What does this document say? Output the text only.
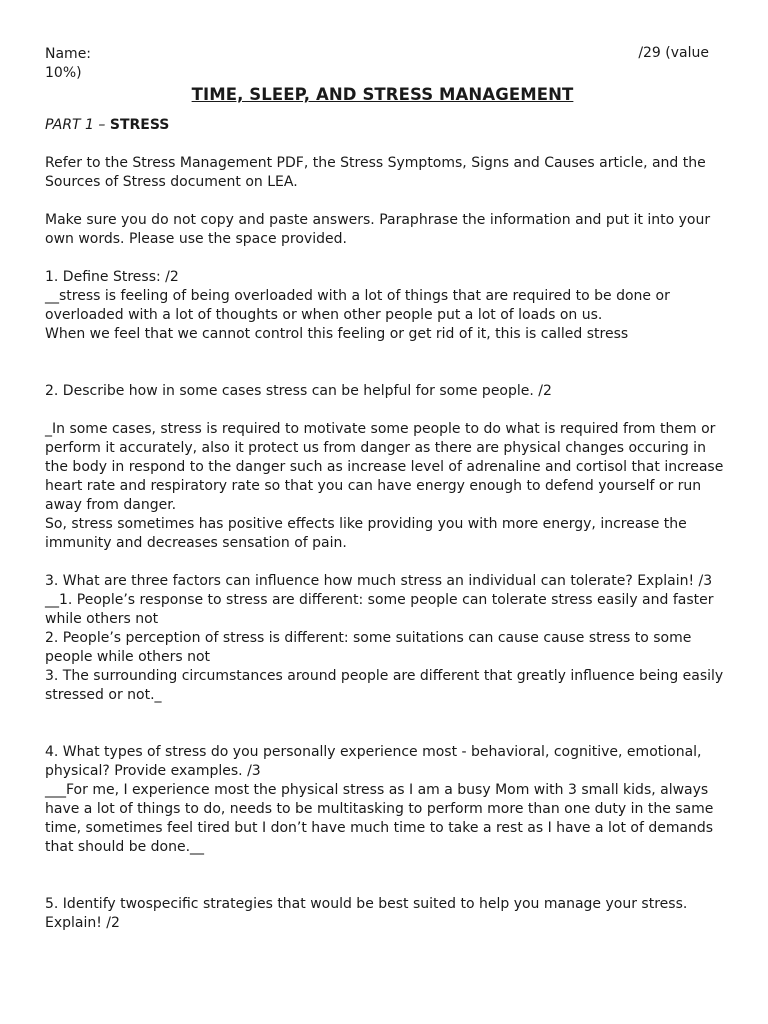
Name:	/29 (value
10%)
TIME, SLEEP, AND STRESS MANAGEMENT
PART 1 – STRESS
Refer to the Stress Management PDF, the Stress Symptoms, Signs and Causes article, and the
Sources of Stress document on LEA.
Make sure you do not copy and paste answers. Paraphrase the information and put it into your
own words. Please use the space provided.
1. Define Stress: /2
__stress is feeling of being overloaded with a lot of things that are required to be done or
overloaded with a lot of thoughts or when other people put a lot of loads on us.
When we feel that we cannot control this feeling or get rid of it, this is called stress
2. Describe how in some cases stress can be helpful for some people. /2
_In some cases, stress is required to motivate some people to do what is required from them or
perform it accurately, also it protect us from danger as there are physical changes occuring in
the body in respond to the danger such as increase level of adrenaline and cortisol that increase
heart rate and respiratory rate so that you can have energy enough to defend yourself or run
away from danger.
So, stress sometimes has positive effects like providing you with more energy, increase the
immunity and decreases sensation of pain.
3. What are three factors can influence how much stress an individual can tolerate? Explain! /3
__1. People’s response to stress are different: some people can tolerate stress easily and faster
while others not
2. People’s perception of stress is different: some suitations can cause cause stress to some
people while others not
3. The surrounding circumstances around people are different that greatly influence being easily
stressed or not._
4. What types of stress do you personally experience most - behavioral, cognitive, emotional,
physical? Provide examples. /3
___For me, I experience most the physical stress as I am a busy Mom with 3 small kids, always
have a lot of things to do, needs to be multitasking to perform more than one duty in the same
time, sometimes feel tired but I don’t have much time to take a rest as I have a lot of demands
that should be done.__
5. Identify twospecific strategies that would be best suited to help you manage your stress.
Explain! /2
